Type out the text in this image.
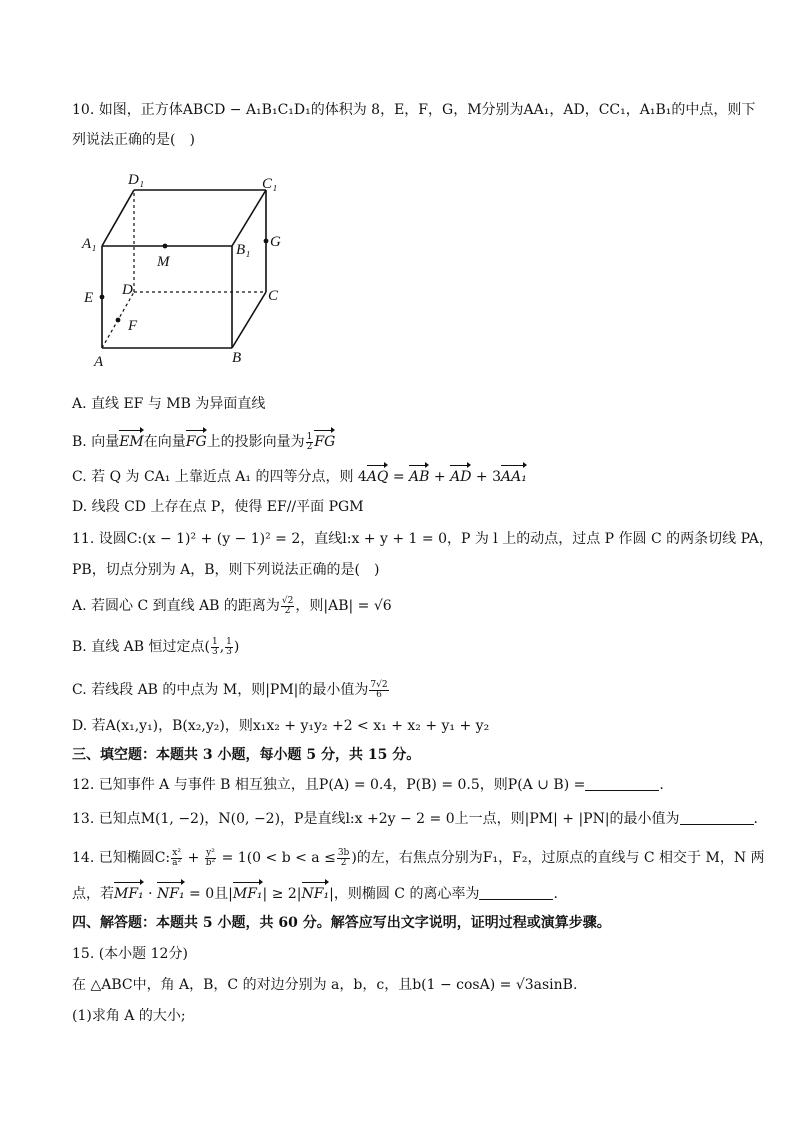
10. 如图，正方体ABCD − A₁B₁C₁D₁的体积为 8，E，F，G，M分别为AA₁，AD，CC₁，A₁B₁的中点，则下
列说法正确的是(　)
D₁	C₁
A₁	B₁
M
G
E D	C
F
A	B
A. 直线 EF 与 MB 为异面直线
B. 向量EM在向量FG上的投影向量为 $\frac{1}{2}$ FG
C. 若 Q 为 CA₁ 上靠近点 A₁ 的四等分点，则 4AQ = AB + AD + 3AA₁
D. 线段 CD 上存在点 P，使得 EF//平面 PGM
11. 设圆C:(x − 1)² + (y − 1)² = 2，直线l:x + y + 1 = 0，P 为 l 上的动点，过点 P 作圆 C 的两条切线 PA，
PB，切点分别为 A，B，则下列说法正确的是(　)
A. 若圆心 C 到直线 AB 的距离为 $\frac{√2}{2}$ ，则|AB| = √6
B. 直线 AB 恒过定点( $\frac{1}{3}$ , $\frac{1}{3}$ )
C. 若线段 AB 的中点为 M，则|PM|的最小值为 $\frac{7√2}{6}$
D. 若A(x₁,y₁)，B(x₂,y₂)，则x₁x₂ + y₁y₂ +2 < x₁ + x₂ + y₁ + y₂
三、填空题：本题共 3 小题，每小题 5 分，共 15 分。
12. 已知事件 A 与事件 B 相互独立，且P(A) = 0.4，P(B) = 0.5，则P(A ∪ B) =	.
13. 已知点M(1, −2)，N(0, −2)，P是直线l:x +2y − 2 = 0上一点，则|PM| + |PN|的最小值为	.
14. 已知椭圆C: $\frac{\text{x²}}{\text{a²}} + \frac{\text{y²}}{\text{b²}} = 1(0 < b < a \le \frac{3b}{2}$ )的左，右焦点分别为F₁，F₂，过原点的直线与 C 相交于 M，N 两
点，若MF₁ · NF₁ = 0且|MF₁| ≥ 2|NF₁|，则椭圆 C 的离心率为	.
四、解答题：本题共 5 小题，共 60 分。解答应写出文字说明，证明过程或演算步骤。
15. (本小题 12分)
在 △ABC中，角 A，B，C 的对边分别为 a，b，c，且b(1 − cosA) = √3asinB.
(1)求角 A 的大小;
